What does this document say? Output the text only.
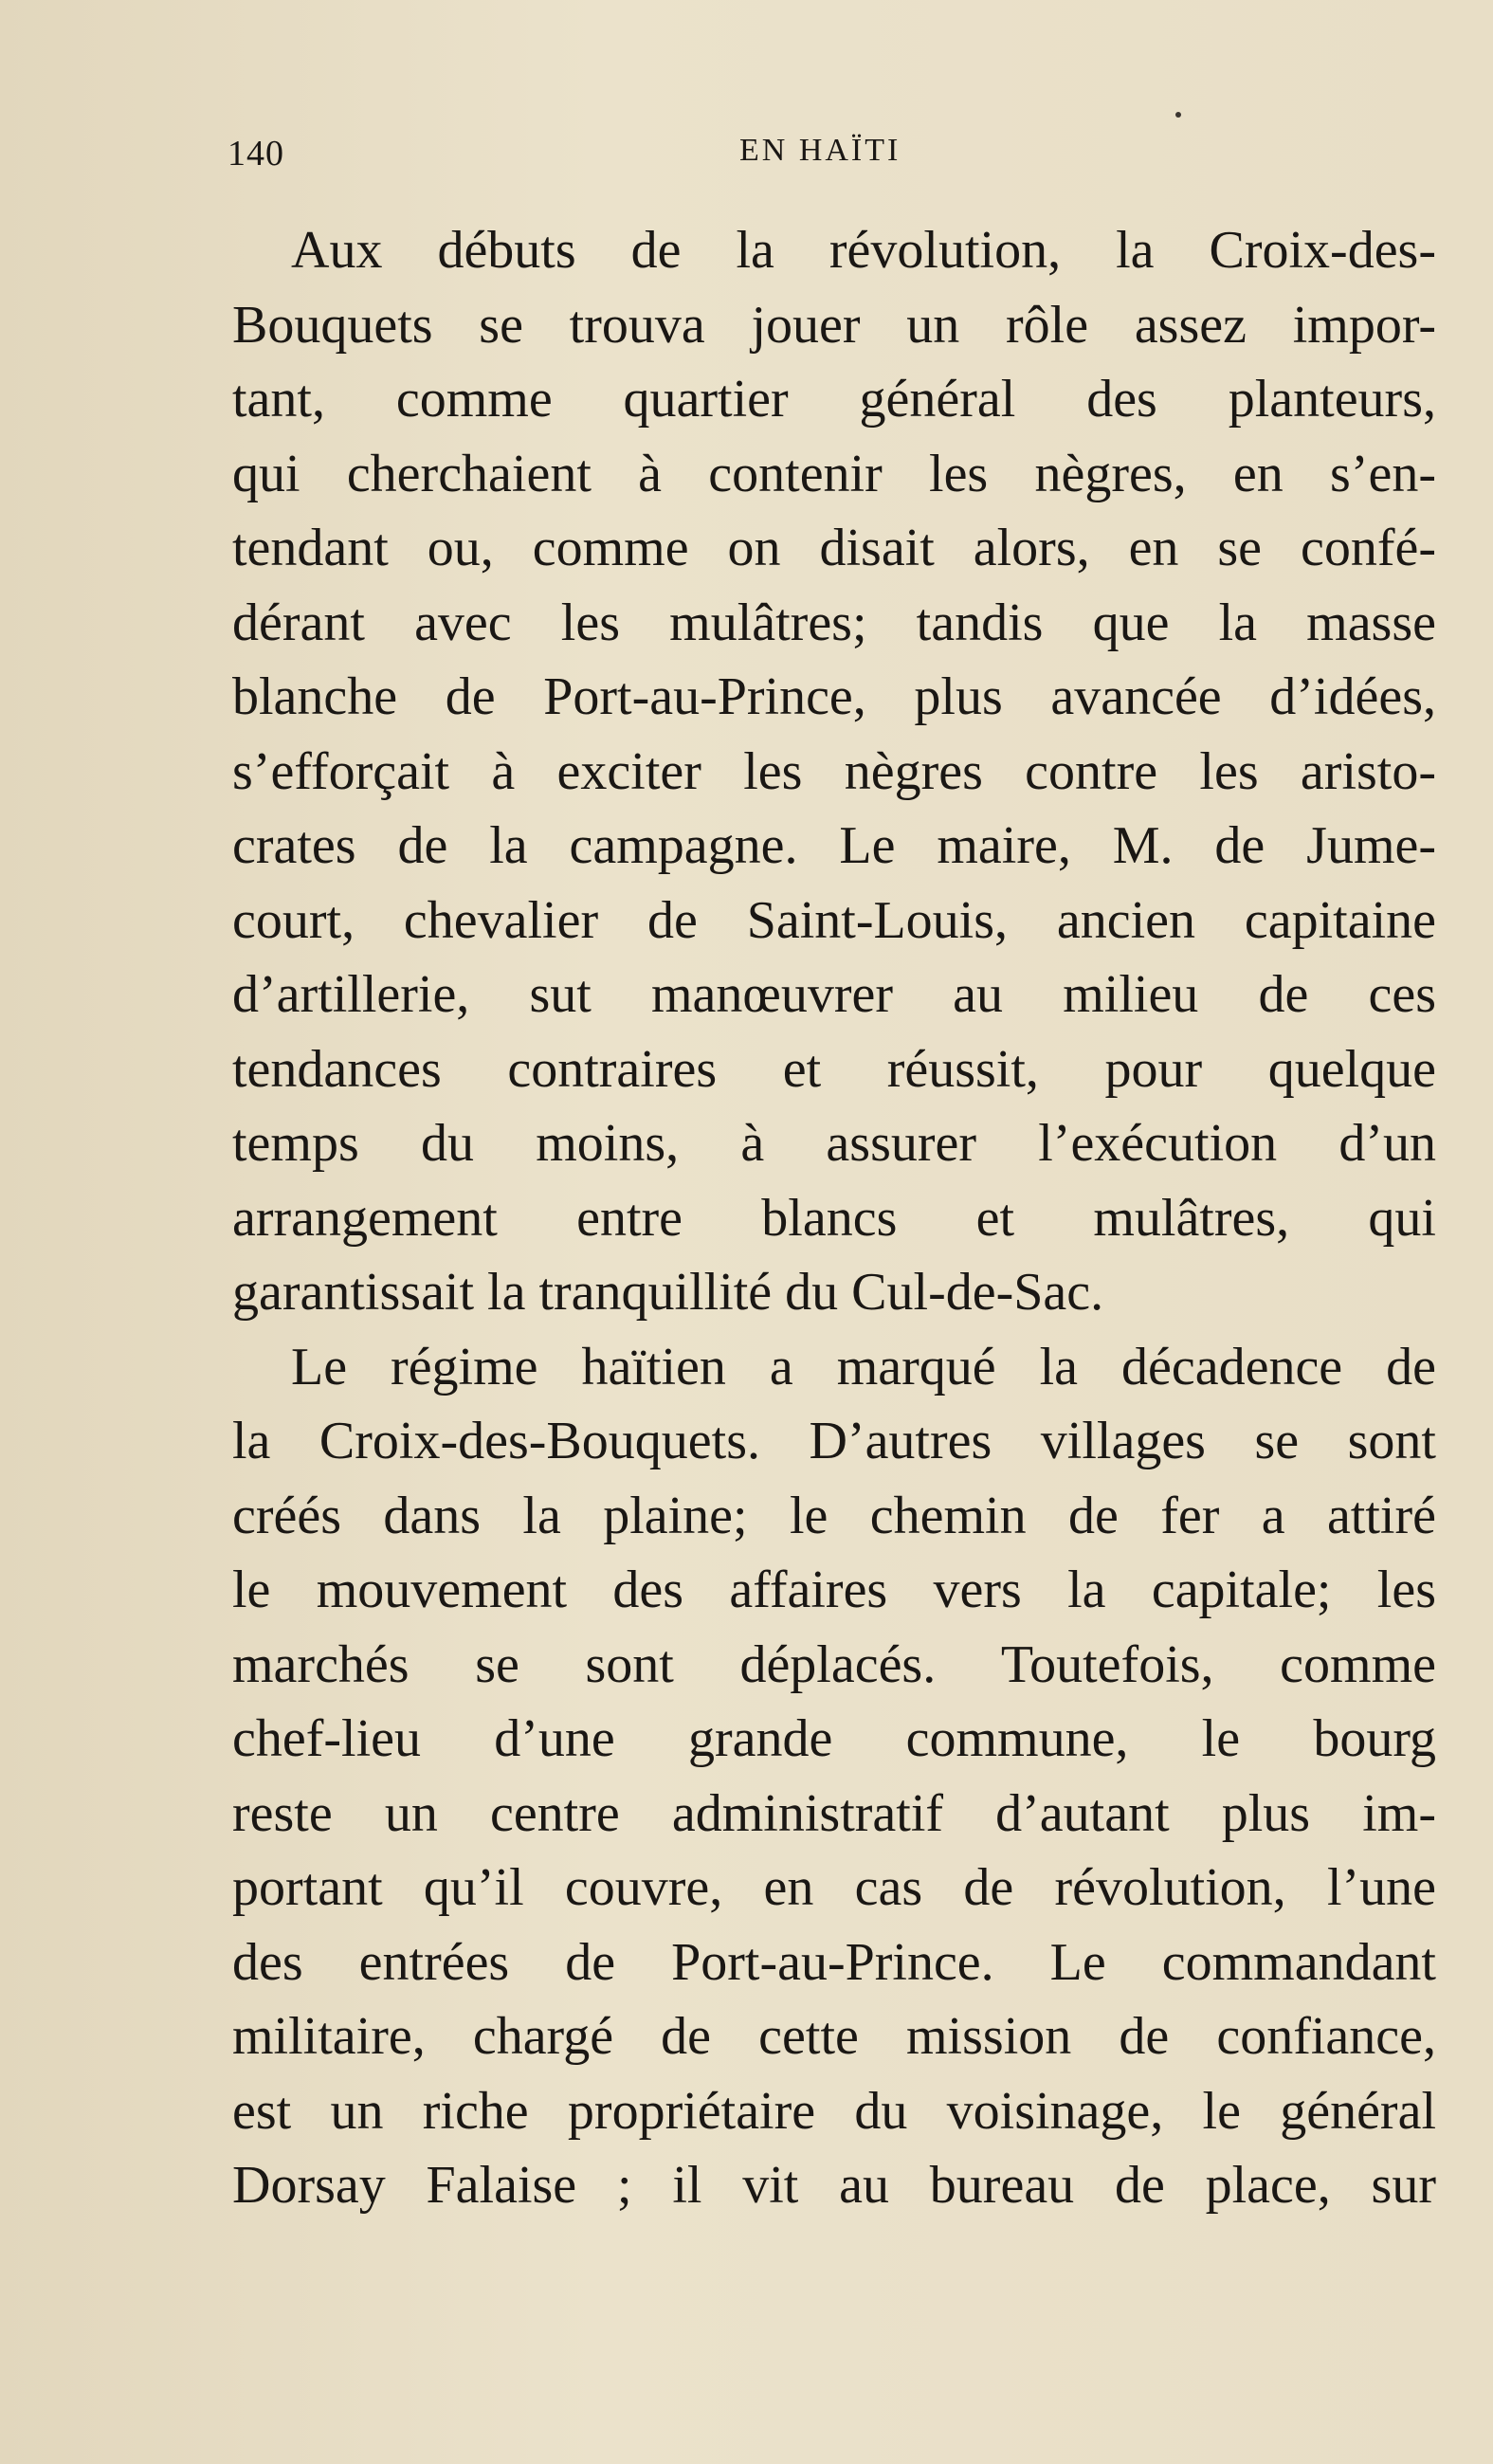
140	EN HAÏTI
Aux débuts de la révolution, la Croix-des-
Bouquets se trouva jouer un rôle assez impor-
tant, comme quartier général des planteurs,
qui cherchaient à contenir les nègres, en s’en-
tendant ou, comme on disait alors, en se confé-
dérant avec les mulâtres; tandis que la masse
blanche de Port-au-Prince, plus avancée d’idées,
s’efforçait à exciter les nègres contre les aristo-
crates de la campagne. Le maire, M. de Jume-
court, chevalier de Saint-Louis, ancien capitaine
d’artillerie, sut manœuvrer au milieu de ces
tendances contraires et réussit, pour quelque
temps du moins, à assurer l’exécution d’un
arrangement entre blancs et mulâtres, qui
garantissait la tranquillité du Cul-de-Sac.
Le régime haïtien a marqué la décadence de
la Croix-des-Bouquets. D’autres villages se sont
créés dans la plaine; le chemin de fer a attiré
le mouvement des affaires vers la capitale; les
marchés se sont déplacés. Toutefois, comme
chef-lieu d’une grande commune, le bourg
reste un centre administratif d’autant plus im-
portant qu’il couvre, en cas de révolution, l’une
des entrées de Port-au-Prince. Le commandant
militaire, chargé de cette mission de confiance,
est un riche propriétaire du voisinage, le général
Dorsay Falaise ; il vit au bureau de place, sur
